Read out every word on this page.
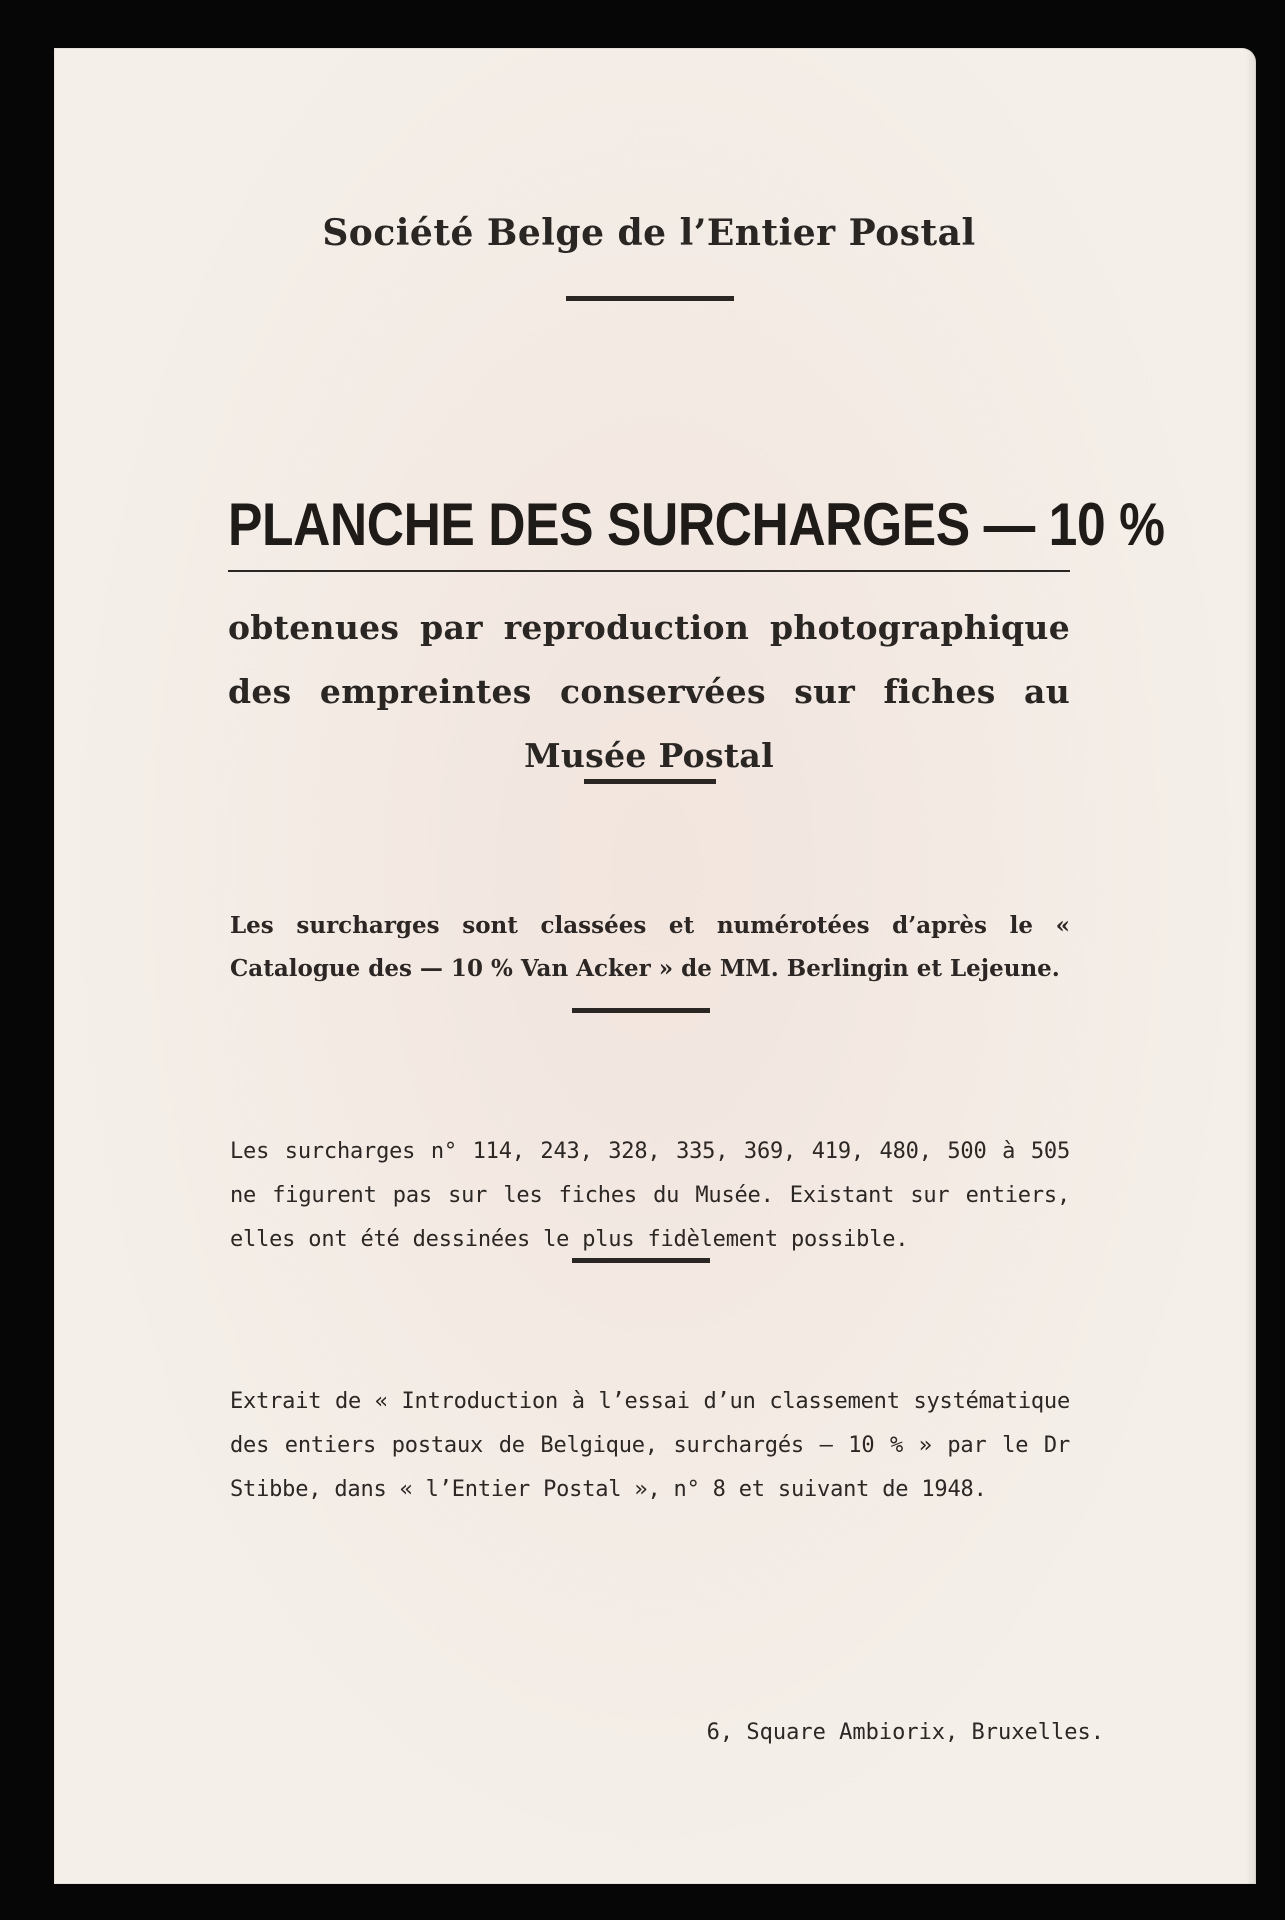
Société Belge de l’Entier Postal

PLANCHE DES SURCHARGES — 10 %

obtenues par reproduction photographique des empreintes conservées sur fiches au Musée Postal

Les surcharges sont classées et numérotées d’après le « Catalogue des — 10 % Van Acker » de MM. Berlingin et Lejeune.

Les surcharges n° 114, 243, 328, 335, 369, 419, 480, 500 à 505 ne figurent pas sur les fiches du Musée. Existant sur entiers, elles ont été dessinées le plus fidèlement possible.

Extrait de « Introduction à l’essai d’un classement systématique des entiers postaux de Belgique, surchargés — 10 % » par le Dr Stibbe, dans « l’Entier Postal », n° 8 et suivant de 1948.

6, Square Ambiorix, Bruxelles.
